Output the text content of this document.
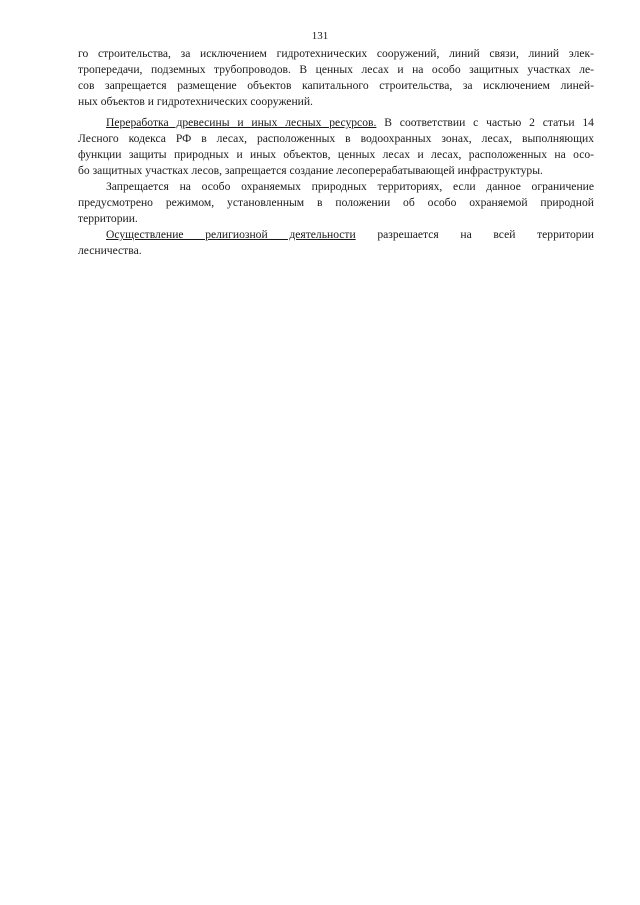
131
го строительства, за исключением гидротехнических сооружений, линий связи, линий элек-
тропередачи, подземных трубопроводов. В ценных лесах и на особо защитных участках ле-
сов запрещается размещение объектов капитального строительства, за исключением линей-
ных объектов и гидротехнических сооружений.
Переработка древесины и иных лесных ресурсов. В соответствии с частью 2 статьи 14
Лесного кодекса РФ в лесах, расположенных в водоохранных зонах, лесах, выполняющих
функции защиты природных и иных объектов, ценных лесах и лесах, расположенных на осо-
бо защитных участках лесов, запрещается создание лесоперерабатывающей инфраструктуры.
Запрещается на особо охраняемых природных территориях, если данное ограничение
предусмотрено режимом, установленным в положении об особо охраняемой природной
территории.
Осуществление религиозной деятельности разрешается на всей территории
лесничества.
